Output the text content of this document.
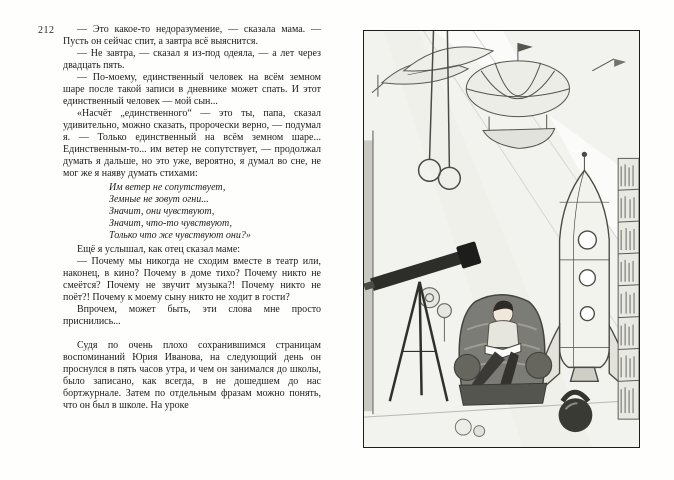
212	— Это какое-то недоразумение, — сказала мама. — Пусть он сейчас спит, а завтра всё выяснится.

— Не завтра, — сказал я из-под одеяла, — а лет через двадцать пять.

— По-моему, единственный человек на всём земном шаре после такой записи в дневнике может спать. И этот единственный человек — мой сын...

«Насчёт „единственного“ — это ты, папа, сказал удивительно, можно сказать, пророчески верно, — подумал я. — Только единственный на всём земном шаре... Единственным-то... им ветер не сопутствует, — продолжал думать я дальше, но это уже, вероятно, я думал во сне, не мог же я наяву думать стихами:

Им ветер не сопутствует,
Земные не зовут огни...
Значит, они чувствуют,
Значит, что-то чувствуют,
Только что же чувствуют они?»

Ещё я услышал, как отец сказал маме:

— Почему мы никогда не сходим вместе в театр или, наконец, в кино? Почему в доме тихо? Почему никто не смеётся? Почему не звучит музыка?! Почему никто не поёт?! Почему к моему сыну никто не ходит в гости?

Впрочем, может быть, эти слова мне просто приснились...

Судя по очень плохо сохранившимся страницам воспоминаний Юрия Иванова, на следующий день он проснулся в пять часов утра, и чем он занимался до школы, было записано, как всегда, в не дошедшем до нас бортжурнале. Затем по отдельным фразам можно понять, что он был в школе. На уроке
